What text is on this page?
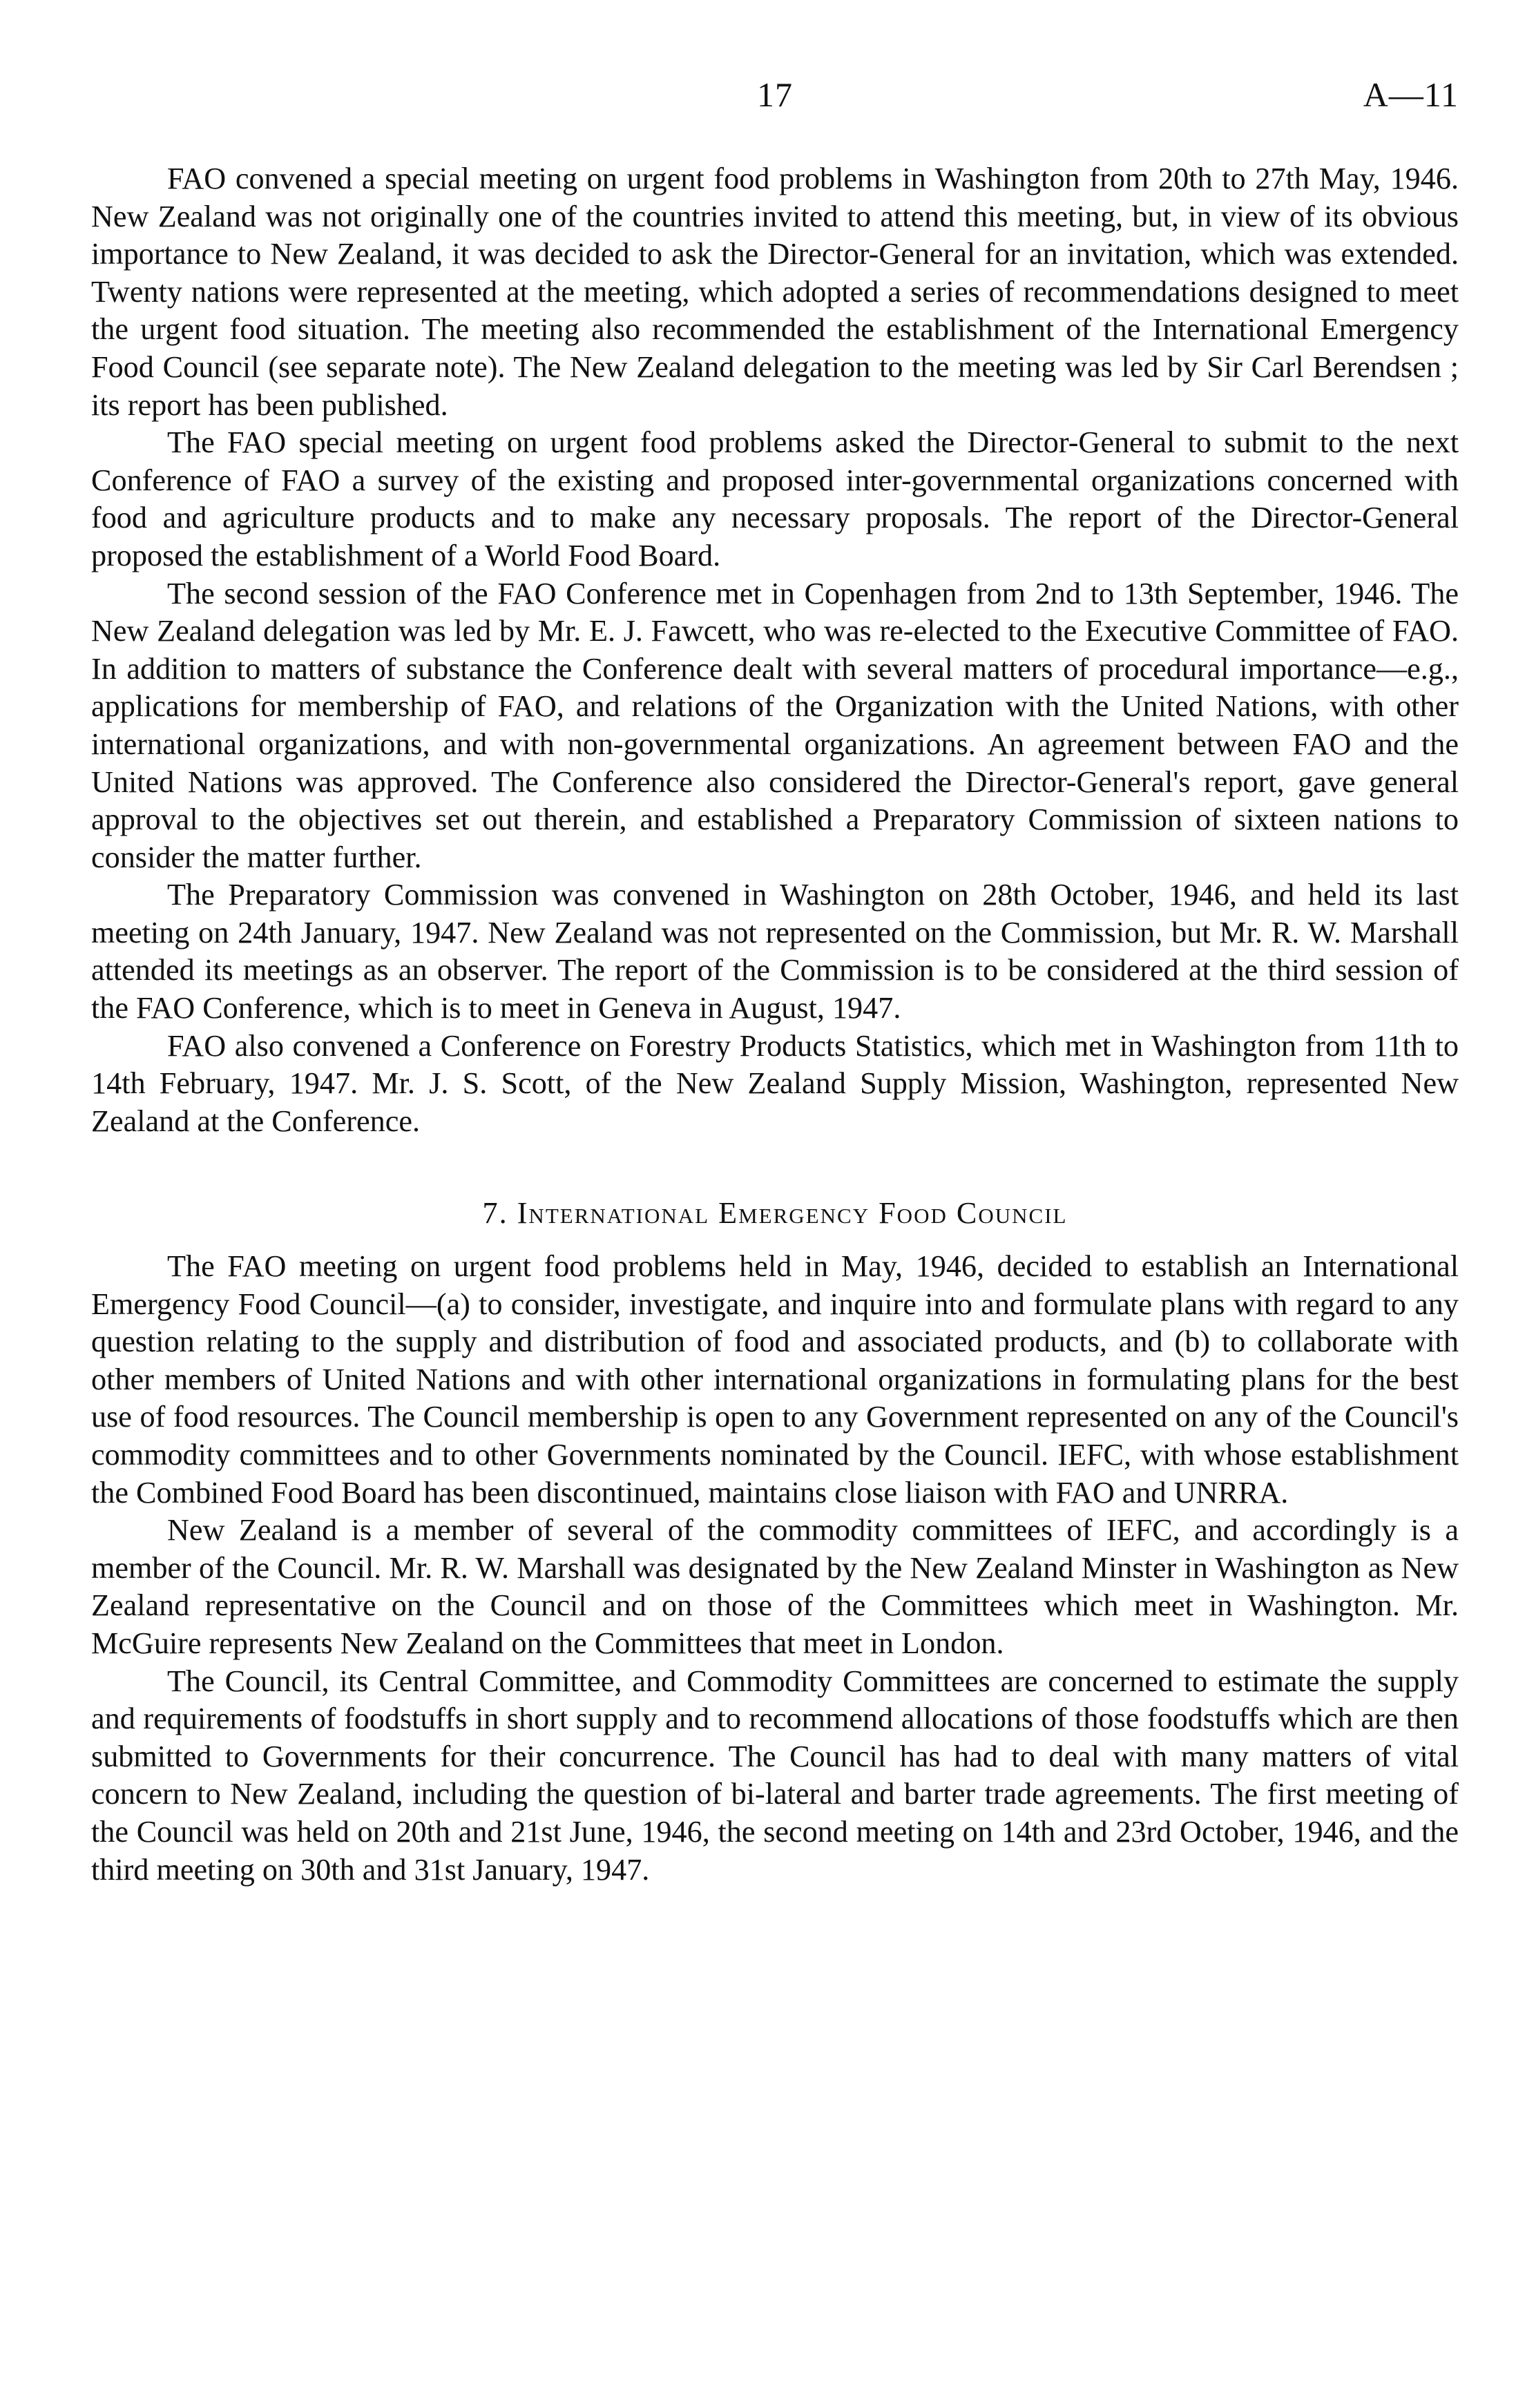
17	A—11

FAO convened a special meeting on urgent food problems in Washington from 20th to 27th May, 1946. New Zealand was not originally one of the countries invited to attend this meeting, but, in view of its obvious importance to New Zealand, it was decided to ask the Director-General for an invitation, which was extended. Twenty nations were represented at the meeting, which adopted a series of recommendations designed to meet the urgent food situation. The meeting also recommended the establishment of the International Emergency Food Council (see separate note). The New Zealand delegation to the meeting was led by Sir Carl Berendsen ; its report has been published.

The FAO special meeting on urgent food problems asked the Director-General to submit to the next Conference of FAO a survey of the existing and proposed inter-governmental organizations concerned with food and agriculture products and to make any necessary proposals. The report of the Director-General proposed the establishment of a World Food Board.

The second session of the FAO Conference met in Copenhagen from 2nd to 13th September, 1946. The New Zealand delegation was led by Mr. E. J. Fawcett, who was re-elected to the Executive Committee of FAO. In addition to matters of substance the Conference dealt with several matters of procedural importance—e.g., applications for membership of FAO, and relations of the Organization with the United Nations, with other international organizations, and with non-governmental organizations. An agreement between FAO and the United Nations was approved. The Conference also considered the Director-General's report, gave general approval to the objectives set out therein, and established a Preparatory Commission of sixteen nations to consider the matter further.

The Preparatory Commission was convened in Washington on 28th October, 1946, and held its last meeting on 24th January, 1947. New Zealand was not represented on the Commission, but Mr. R. W. Marshall attended its meetings as an observer. The report of the Commission is to be considered at the third session of the FAO Conference, which is to meet in Geneva in August, 1947.

FAO also convened a Conference on Forestry Products Statistics, which met in Washington from 11th to 14th February, 1947. Mr. J. S. Scott, of the New Zealand Supply Mission, Washington, represented New Zealand at the Conference.

7. International Emergency Food Council

The FAO meeting on urgent food problems held in May, 1946, decided to establish an International Emergency Food Council—(a) to consider, investigate, and inquire into and formulate plans with regard to any question relating to the supply and distribution of food and associated products, and (b) to collaborate with other members of United Nations and with other international organizations in formulating plans for the best use of food resources. The Council membership is open to any Government represented on any of the Council's commodity committees and to other Governments nominated by the Council. IEFC, with whose establishment the Combined Food Board has been discontinued, maintains close liaison with FAO and UNRRA.

New Zealand is a member of several of the commodity committees of IEFC, and accordingly is a member of the Council. Mr. R. W. Marshall was designated by the New Zealand Minster in Washington as New Zealand representative on the Council and on those of the Committees which meet in Washington. Mr. McGuire represents New Zealand on the Committees that meet in London.

The Council, its Central Committee, and Commodity Committees are concerned to estimate the supply and requirements of foodstuffs in short supply and to recommend allocations of those foodstuffs which are then submitted to Governments for their concurrence. The Council has had to deal with many matters of vital concern to New Zealand, including the question of bi-lateral and barter trade agreements. The first meeting of the Council was held on 20th and 21st June, 1946, the second meeting on 14th and 23rd October, 1946, and the third meeting on 30th and 31st January, 1947.
